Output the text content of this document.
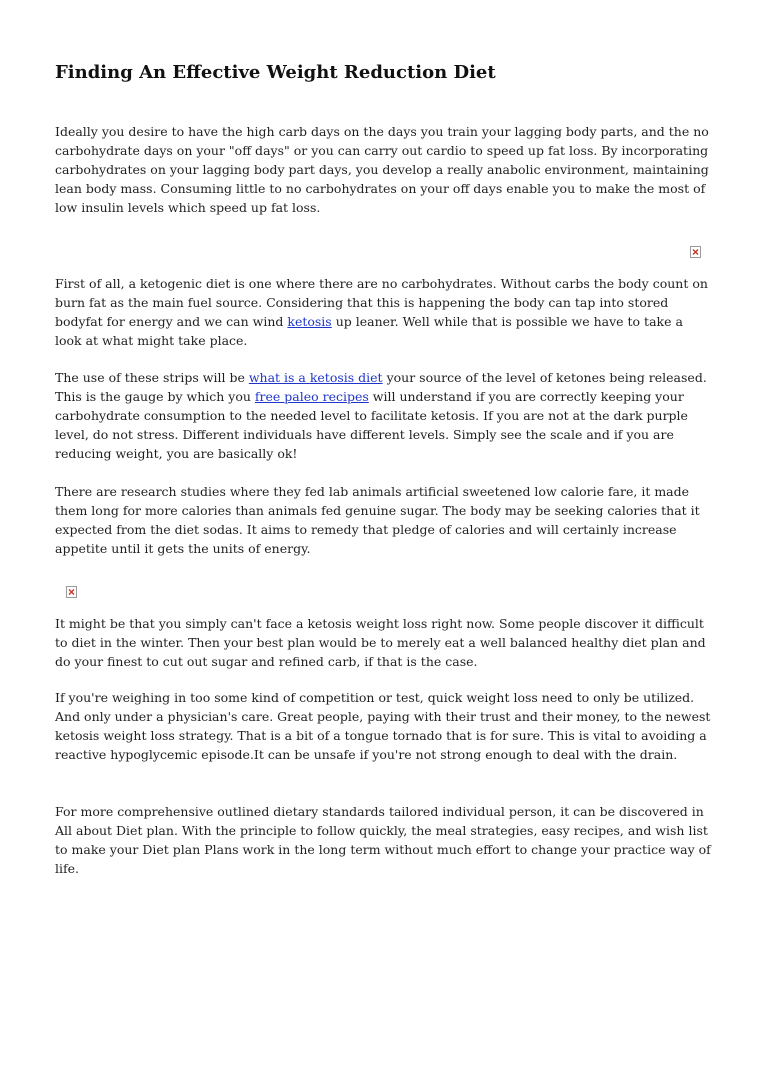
Finding An Effective Weight Reduction Diet

Ideally you desire to have the high carb days on the days you train your lagging body parts, and the no carbohydrate days on your "off days" or you can carry out cardio to speed up fat loss. By incorporating carbohydrates on your lagging body part days, you develop a really anabolic environment, maintaining lean body mass. Consuming little to no carbohydrates on your off days enable you to make the most of low insulin levels which speed up fat loss.

First of all, a ketogenic diet is one where there are no carbohydrates. Without carbs the body count on burn fat as the main fuel source. Considering that this is happening the body can tap into stored bodyfat for energy and we can wind ketosis up leaner. Well while that is possible we have to take a look at what might take place.

The use of these strips will be what is a ketosis diet your source of the level of ketones being released. This is the gauge by which you free paleo recipes will understand if you are correctly keeping your carbohydrate consumption to the needed level to facilitate ketosis. If you are not at the dark purple level, do not stress. Different individuals have different levels. Simply see the scale and if you are reducing weight, you are basically ok!

There are research studies where they fed lab animals artificial sweetened low calorie fare, it made them long for more calories than animals fed genuine sugar. The body may be seeking calories that it expected from the diet sodas. It aims to remedy that pledge of calories and will certainly increase appetite until it gets the units of energy.

It might be that you simply can't face a ketosis weight loss right now. Some people discover it difficult to diet in the winter. Then your best plan would be to merely eat a well balanced healthy diet plan and do your finest to cut out sugar and refined carb, if that is the case.

If you're weighing in too some kind of competition or test, quick weight loss need to only be utilized. And only under a physician's care. Great people, paying with their trust and their money, to the newest ketosis weight loss strategy. That is a bit of a tongue tornado that is for sure. This is vital to avoiding a reactive hypoglycemic episode.It can be unsafe if you're not strong enough to deal with the drain.

For more comprehensive outlined dietary standards tailored individual person, it can be discovered in All about Diet plan. With the principle to follow quickly, the meal strategies, easy recipes, and wish list to make your Diet plan Plans work in the long term without much effort to change your practice way of life.
